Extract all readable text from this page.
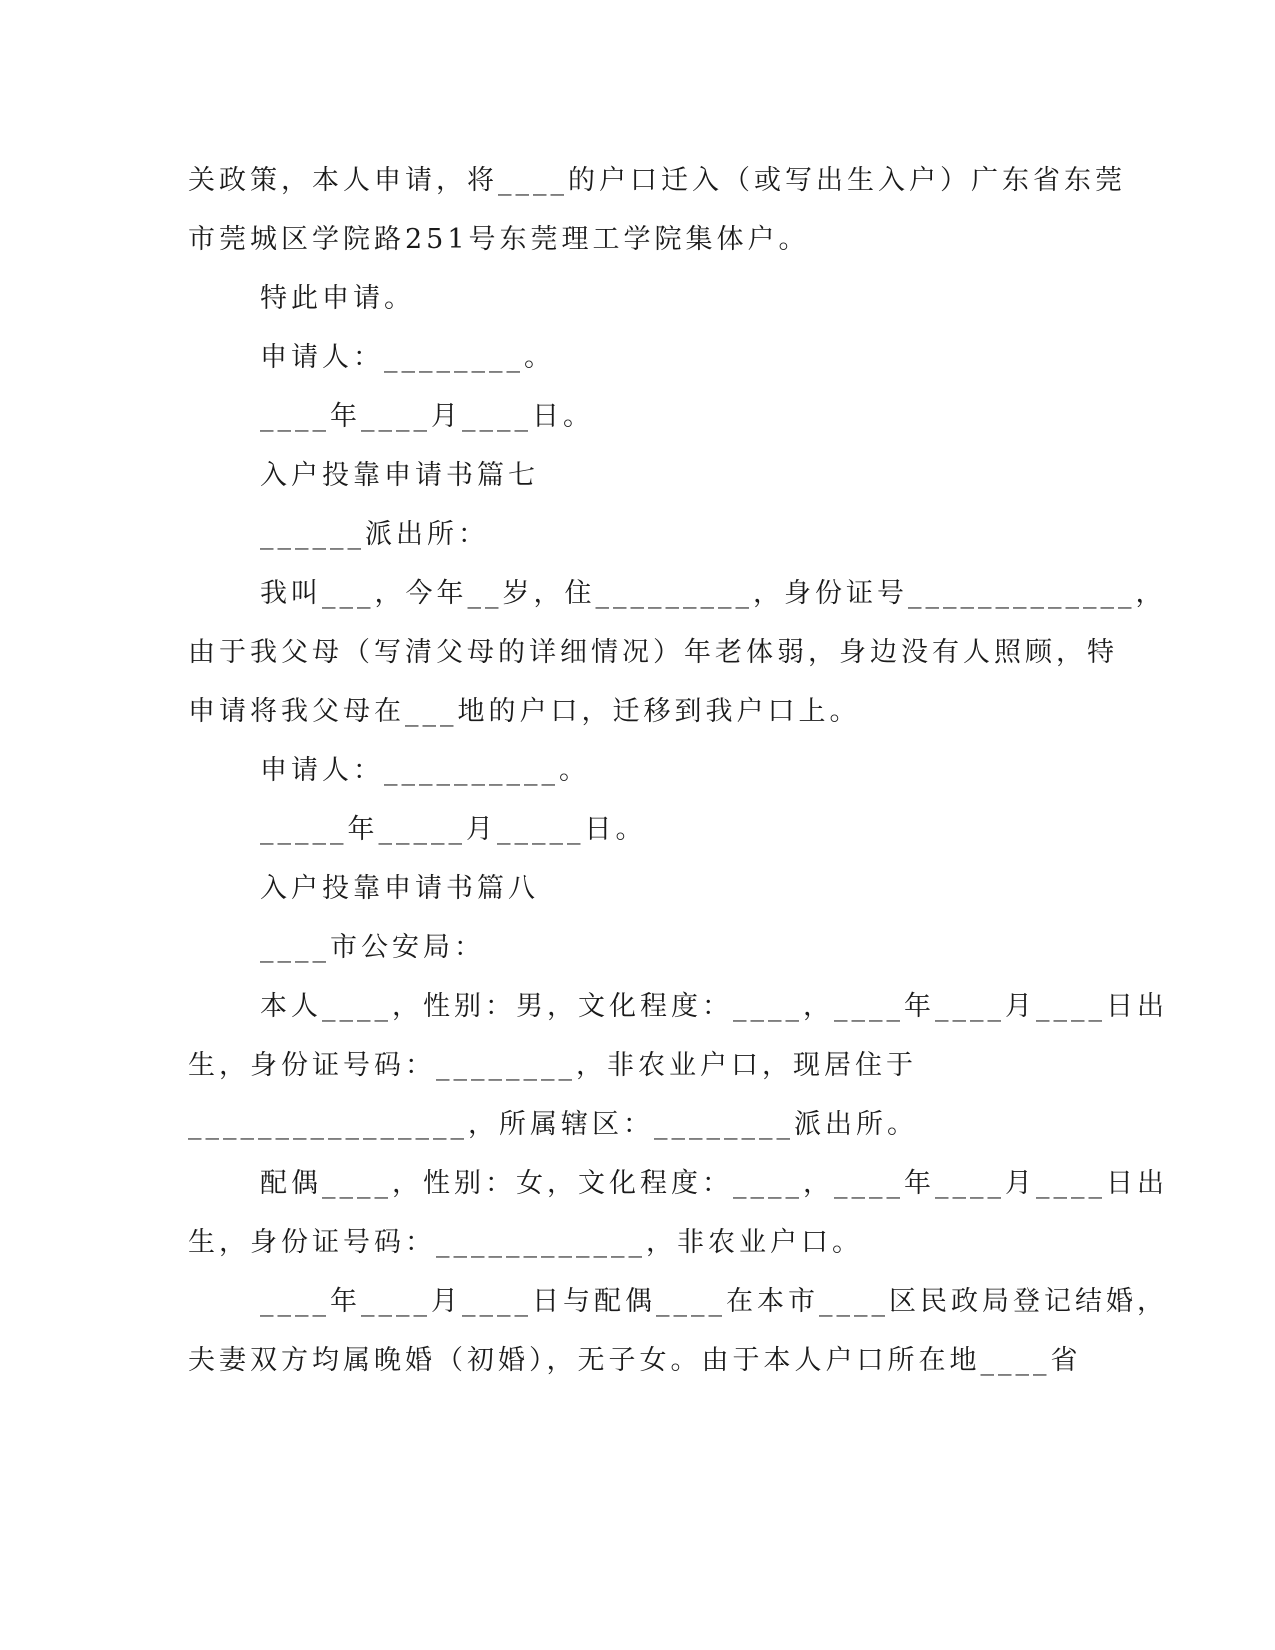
关政策，本人申请，将____的户口迁入（或写出生入户）广东省东莞
市莞城区学院路251号东莞理工学院集体户。
特此申请。
申请人：________。
____年____月____日。
入户投靠申请书篇七
______派出所：
我叫___，今年__岁，住_________，身份证号_____________，
由于我父母（写清父母的详细情况）年老体弱，身边没有人照顾，特
申请将我父母在___地的户口，迁移到我户口上。
申请人：__________。
_____年_____月_____日。
入户投靠申请书篇八
____市公安局：
本人____，性别：男，文化程度：____，____年____月____日出
生，身份证号码：________，非农业户口，现居住于
________________，所属辖区：________派出所。
配偶____，性别：女，文化程度：____，____年____月____日出
生，身份证号码：____________，非农业户口。
____年____月____日与配偶____在本市____区民政局登记结婚，
夫妻双方均属晚婚（初婚），无子女。由于本人户口所在地____省
